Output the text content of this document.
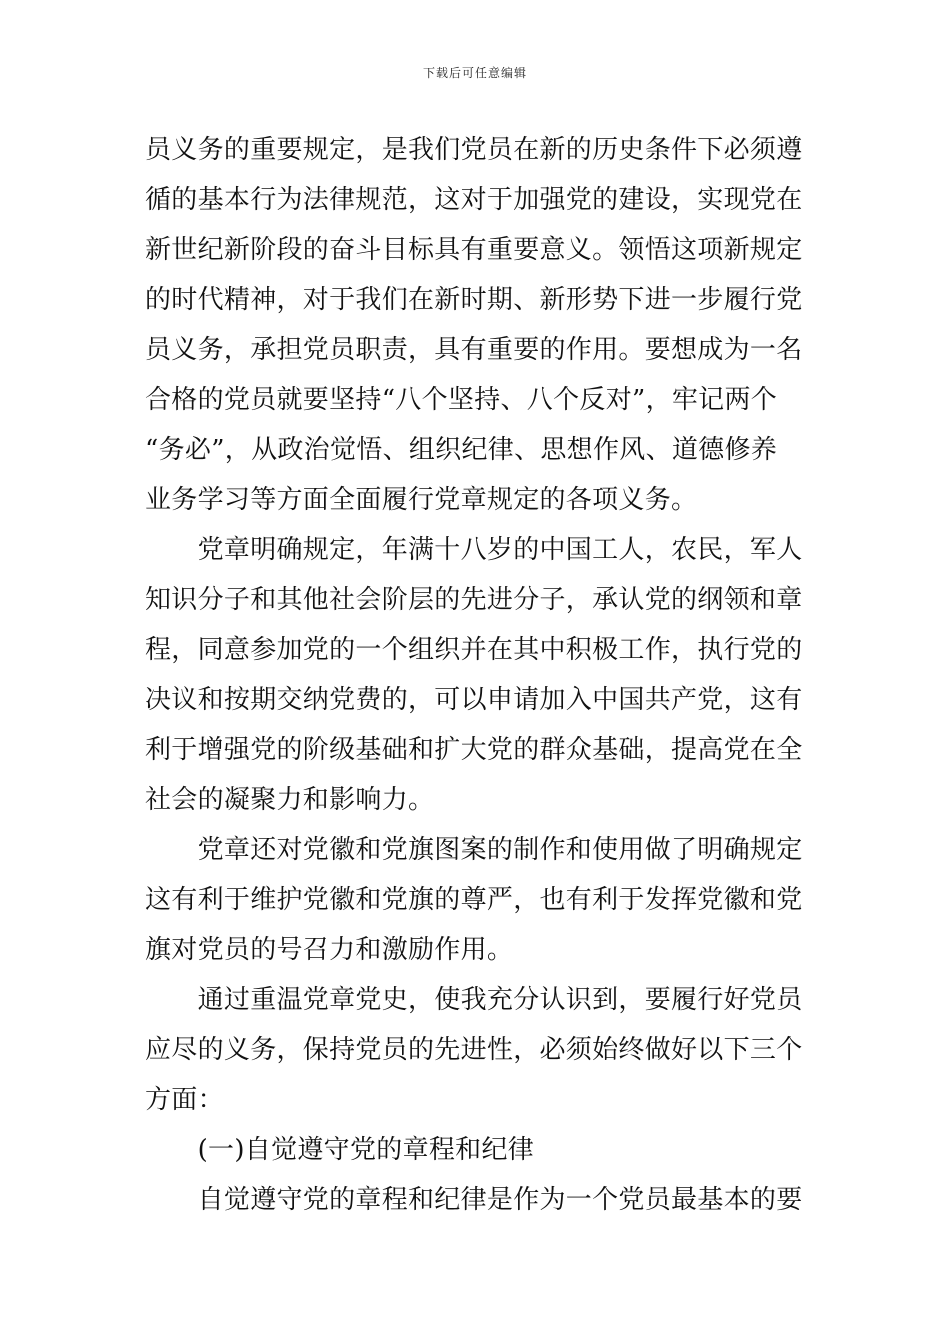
下载后可任意编辑
员义务的重要规定，是我们党员在新的历史条件下必须遵
循的基本行为法律规范，这对于加强党的建设，实现党在
新世纪新阶段的奋斗目标具有重要意义。领悟这项新规定
的时代精神，对于我们在新时期、新形势下进一步履行党
员义务，承担党员职责，具有重要的作用。要想成为一名
合格的党员就要坚持“八个坚持、八个反对”，牢记两个
“务必”，从政治觉悟、组织纪律、思想作风、道德修养
业务学习等方面全面履行党章规定的各项义务。
　　党章明确规定，年满十八岁的中国工人，农民，军人
知识分子和其他社会阶层的先进分子，承认党的纲领和章
程，同意参加党的一个组织并在其中积极工作，执行党的
决议和按期交纳党费的，可以申请加入中国共产党，这有
利于增强党的阶级基础和扩大党的群众基础，提高党在全
社会的凝聚力和影响力。
　　党章还对党徽和党旗图案的制作和使用做了明确规定
这有利于维护党徽和党旗的尊严，也有利于发挥党徽和党
旗对党员的号召力和激励作用。
　　通过重温党章党史，使我充分认识到，要履行好党员
应尽的义务，保持党员的先进性，必须始终做好以下三个
方面：
　　(一)自觉遵守党的章程和纪律
　　自觉遵守党的章程和纪律是作为一个党员最基本的要
